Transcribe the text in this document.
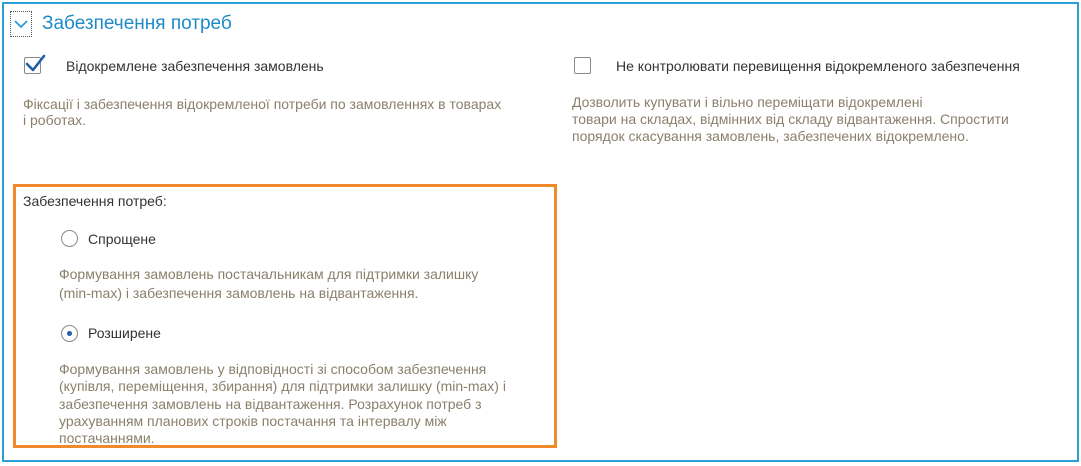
Забезпечення потреб
Відокремлене забезпечення замовлень
Фіксації і забезпечення відокремленої потреби по замовленнях в товарах
і роботах.
Не контролювати перевищення відокремленого забезпечення
Дозволить купувати і вільно переміщати відокремлені
товари на складах, відмінних від складу відвантаження. Спростити
порядок скасування замовлень, забезпечених відокремлено.
Забезпечення потреб:
Спрощене
Формування замовлень постачальникам для підтримки залишку
(min-max) і забезпечення замовлень на відвантаження.
Розширене
Формування замовлень у відповідності зі способом забезпечення
(купівля, переміщення, збирання) для підтримки залишку (min-max) і
забезпечення замовлень на відвантаження. Розрахунок потреб з
урахуванням планових строків постачання та інтервалу між
постачаннями.
